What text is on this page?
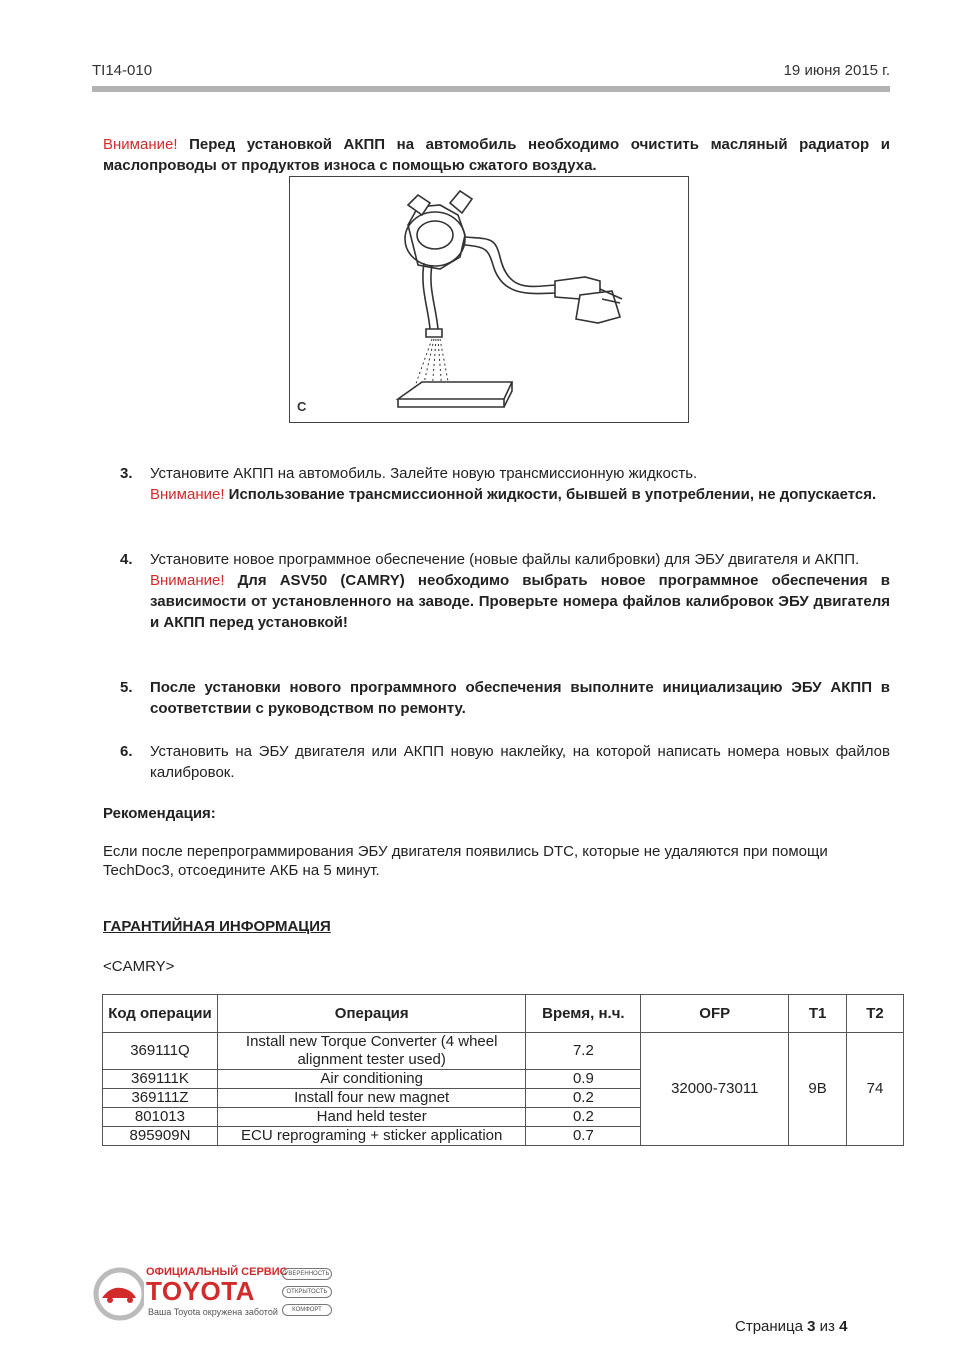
TI14-010	19 июня 2015 г.
Внимание! Перед установкой АКПП на автомобиль необходимо очистить масляный радиатор и маслопроводы от продуктов износа с помощью сжатого воздуха.
C
3.	Установите АКПП на автомобиль. Залейте новую трансмиссионную жидкость.
Внимание! Использование трансмиссионной жидкости, бывшей в употреблении, не допускается.
4.	Установите новое программное обеспечение (новые файлы калибровки) для ЭБУ двигателя и АКПП.
Внимание! Для ASV50 (CAMRY) необходимо выбрать новое программное обеспечения в зависимости от установленного на заводе. Проверьте номера файлов калибровок ЭБУ двигателя и АКПП перед установкой!
5.	После установки нового программного обеспечения выполните инициализацию ЭБУ АКПП в соответствии с руководством по ремонту.
6.	Установить на ЭБУ двигателя или АКПП новую наклейку, на которой написать номера новых файлов калибровок.
Рекомендация:
Если после перепрограммирования ЭБУ двигателя появились DTC, которые не удаляются при помощи TechDoc3, отсоедините АКБ на 5 минут.
ГАРАНТИЙНАЯ ИНФОРМАЦИЯ
<CAMRY>
Код операции	Операция	Время, н.ч.	OFP	T1	T2
369111Q	Install new Torque Converter (4 wheel alignment tester used)	7.2	32000-73011	9B	74
369111K	Air conditioning	0.9			
369111Z	Install four new magnet	0.2			
801013	Hand held tester	0.2			
895909N	ECU reprograming + sticker application	0.7			
ОФИЦИАЛЬНЫЙ СЕРВИС
TOYOTA
Ваша Toyota окружена заботой
УВЕРЕННОСТЬ
ОТКРЫТОСТЬ
КОМФОРТ
Страница 3 из 4
